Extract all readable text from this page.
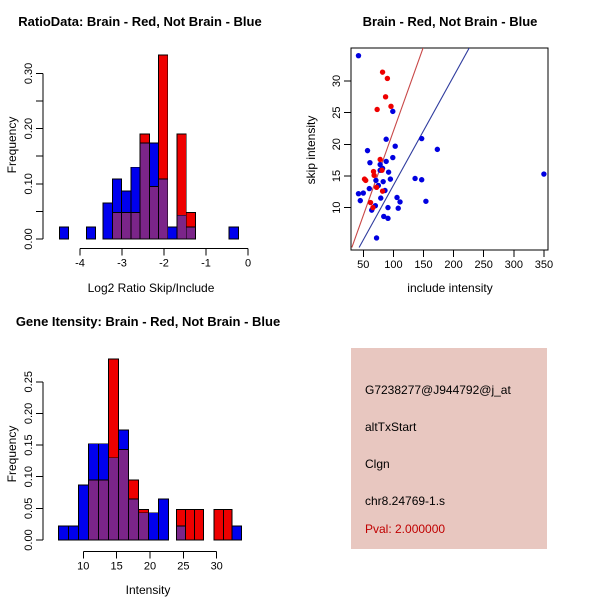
0.00
0.10
0.20
0.30
-4	-3	-2	-1	0
RatioData: Brain - Red, Not Brain - Blue
Log2 Ratio Skip/Include
Frequency
50 100 150 200 250 300 350
10
15
20
25
30
Brain - Red, Not Brain - Blue
include intensity
skip intensity
0.00
0.05
0.10
0.15
0.20
0.25
10 15 20 25 30
Gene Itensity: Brain - Red, Not Brain - Blue
Intensity
Frequency
G7238277@J944792@j_at
altTxStart
Clgn
chr8.24769-1.s
Pval: 2.000000
